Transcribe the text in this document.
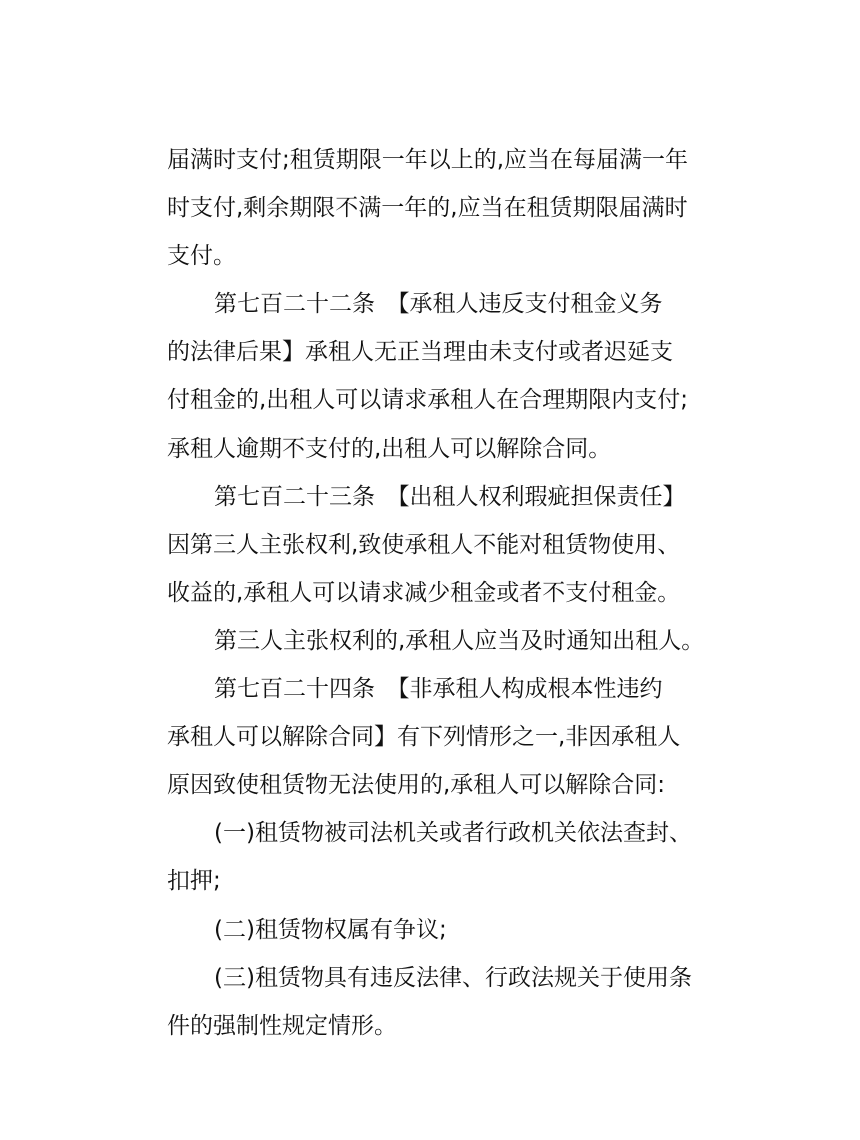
届满时支付;租赁期限一年以上的,应当在每届满一年
时支付,剩余期限不满一年的,应当在租赁期限届满时
支付。
第七百二十二条　【承租人违反支付租金义务
的法律后果】承租人无正当理由未支付或者迟延支
付租金的,出租人可以请求承租人在合理期限内支付;
承租人逾期不支付的,出租人可以解除合同。
第七百二十三条　【出租人权利瑕疵担保责任】
因第三人主张权利,致使承租人不能对租赁物使用、
收益的,承租人可以请求减少租金或者不支付租金。
第三人主张权利的,承租人应当及时通知出租人。
第七百二十四条　【非承租人构成根本性违约
承租人可以解除合同】有下列情形之一,非因承租人
原因致使租赁物无法使用的,承租人可以解除合同:
(一)租赁物被司法机关或者行政机关依法查封、
扣押;
(二)租赁物权属有争议;
(三)租赁物具有违反法律、行政法规关于使用条
件的强制性规定情形。
